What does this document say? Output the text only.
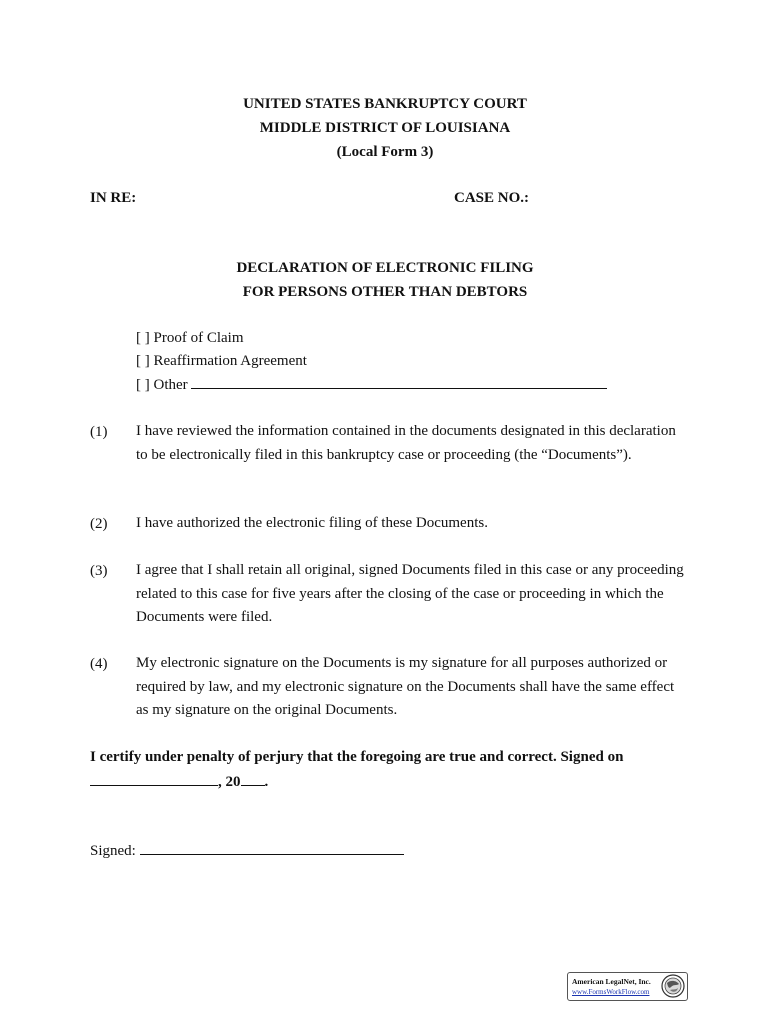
UNITED STATES BANKRUPTCY COURT
MIDDLE DISTRICT OF LOUISIANA
(Local Form 3)
IN RE:	CASE NO.:
DECLARATION OF ELECTRONIC FILING
FOR PERSONS OTHER THAN DEBTORS
[ ] Proof of Claim
[ ] Reaffirmation Agreement
[ ] Other
(1) I have reviewed the information contained in the documents designated in this declaration to be electronically filed in this bankruptcy case or proceeding (the “Documents”).
(2) I have authorized the electronic filing of these Documents.
(3) I agree that I shall retain all original, signed Documents filed in this case or any proceeding related to this case for five years after the closing of the case or proceeding in which the Documents were filed.
(4) My electronic signature on the Documents is my signature for all purposes authorized or required by law, and my electronic signature on the Documents shall have the same effect as my signature on the original Documents.
I certify under penalty of perjury that the foregoing are true and correct. Signed on
, 20 .
Signed:
American LegalNet, Inc.
www.FormsWorkFlow.com
